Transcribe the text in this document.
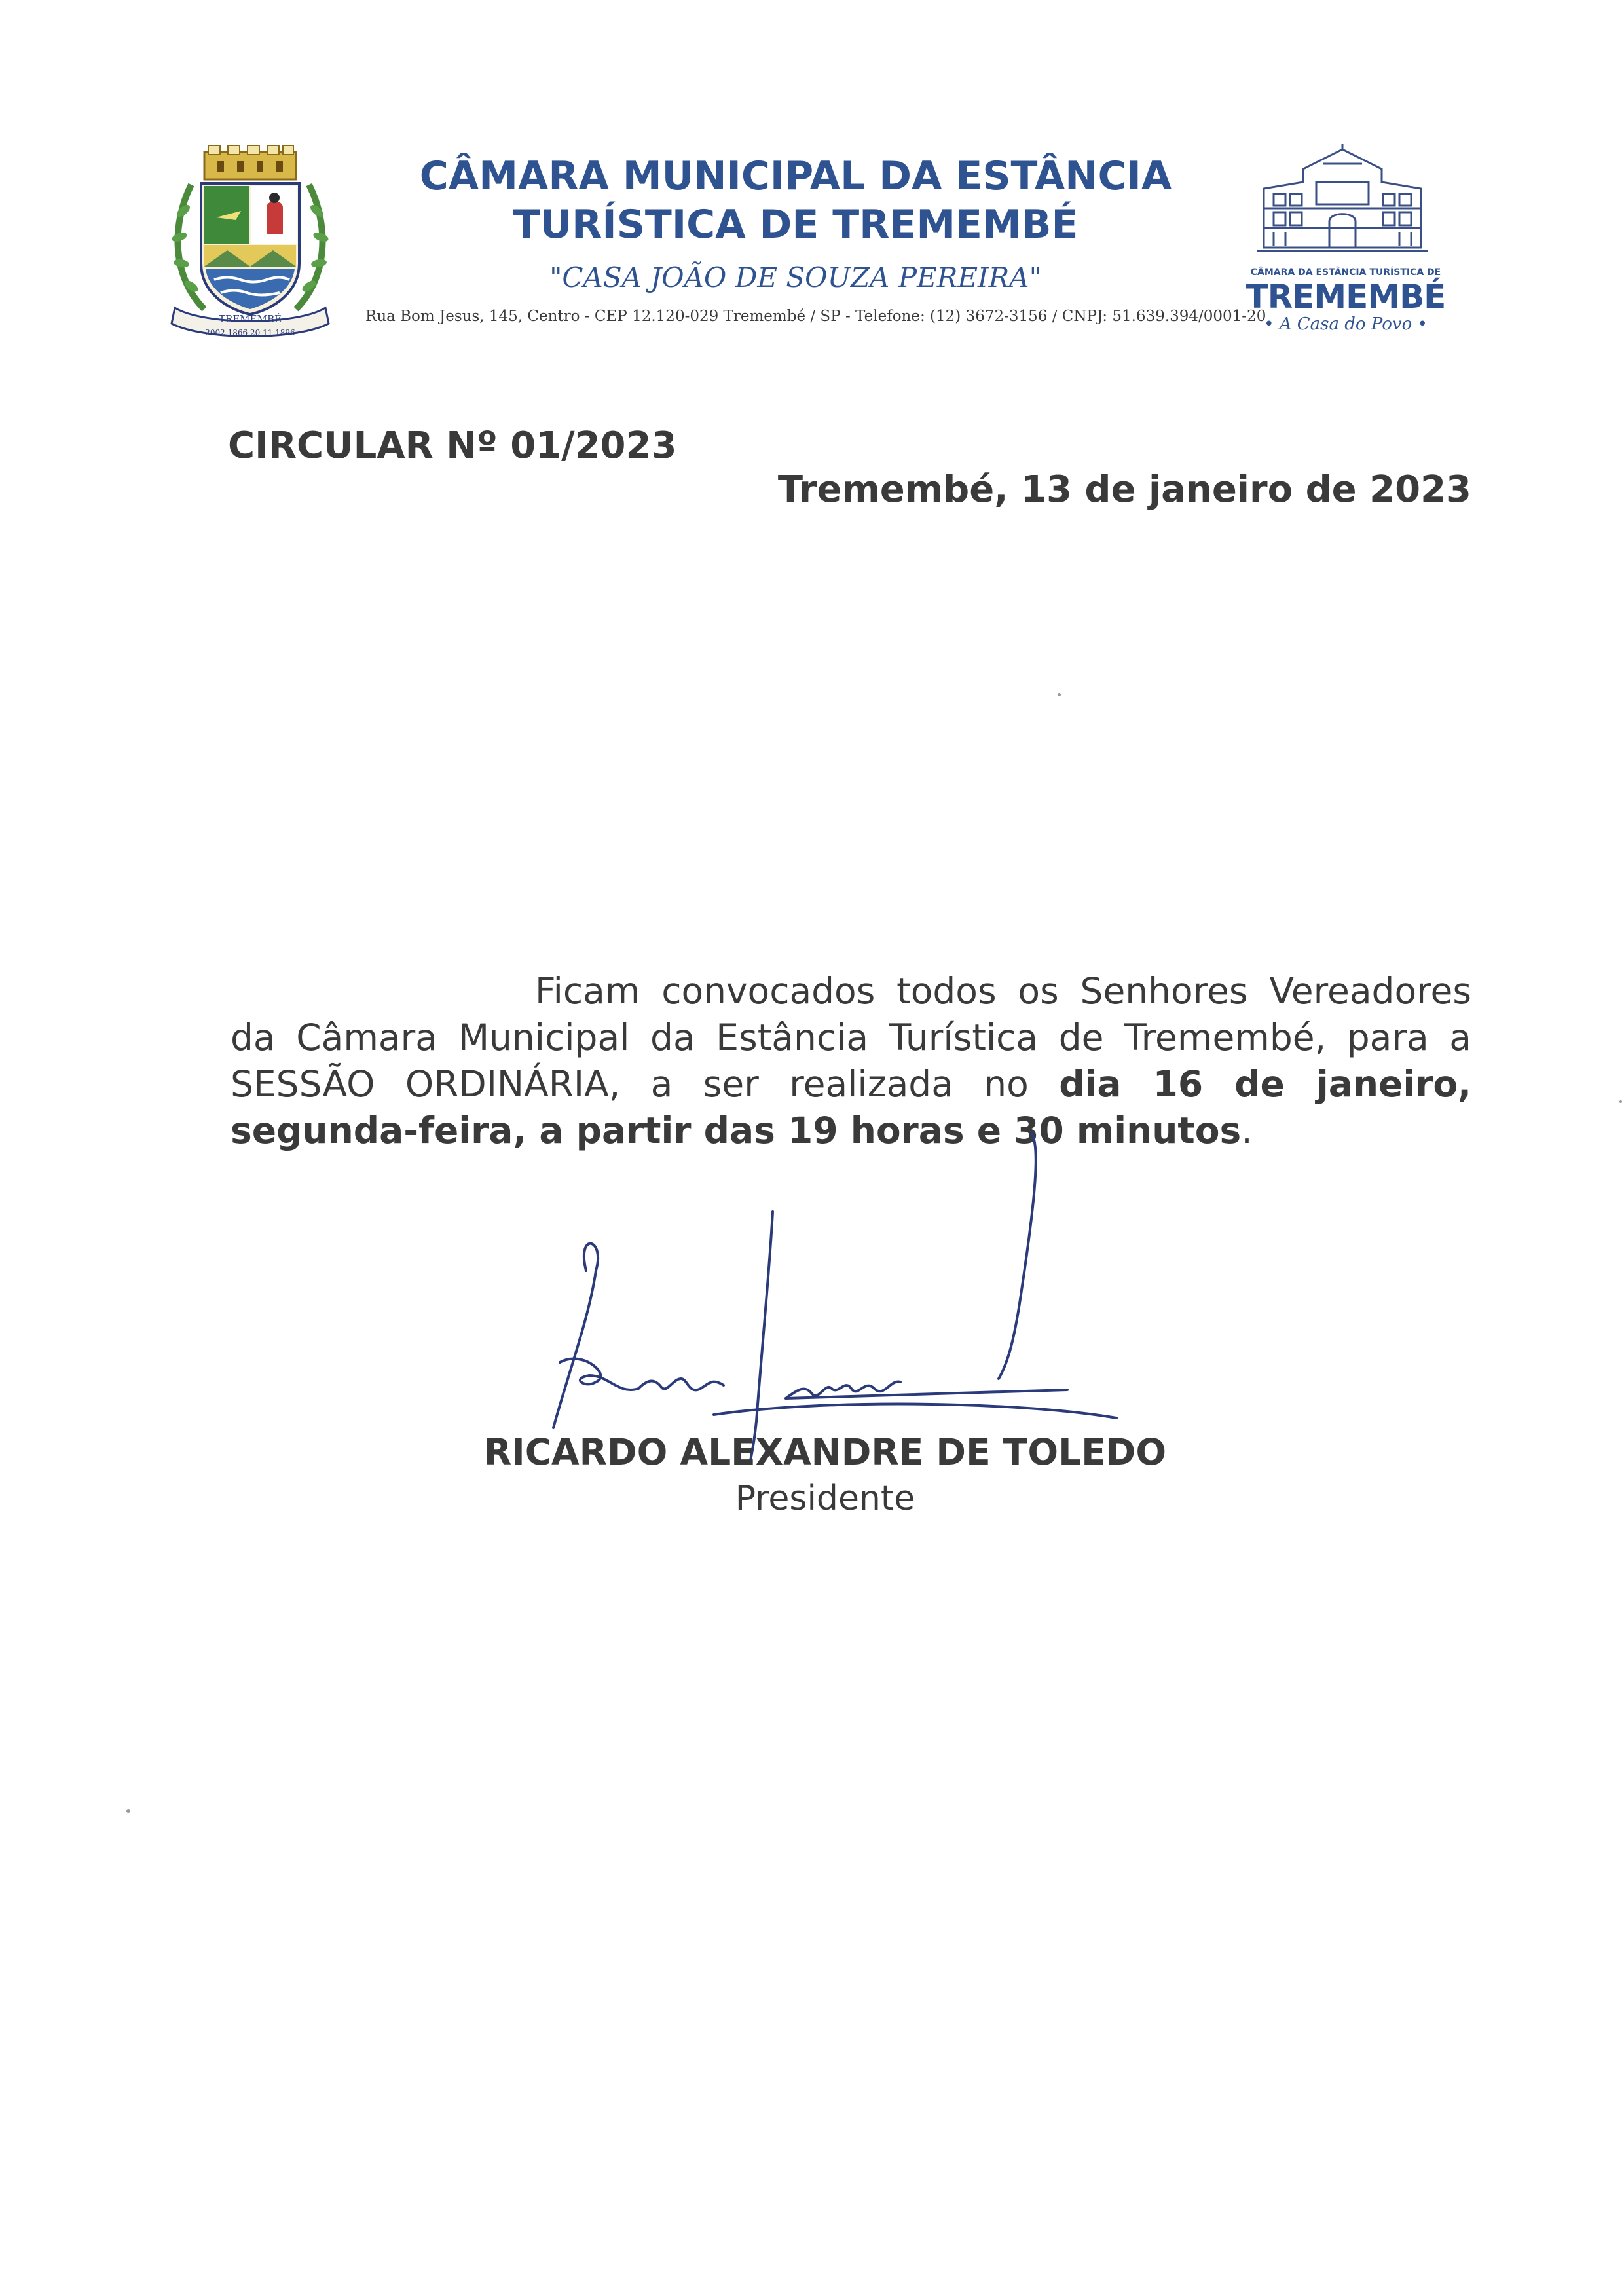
TREMEMBÉ
2002 1866 20 11 1896
CÂMARA MUNICIPAL DA ESTÂNCIA
TURÍSTICA DE TREMEMBÉ
"CASA JOÃO DE SOUZA PEREIRA"
Rua Bom Jesus, 145, Centro - CEP 12.120-029 Tremembé / SP - Telefone: (12) 3672-3156 / CNPJ: 51.639.394/0001-20
CÂMARA DA ESTÂNCIA TURÍSTICA DE
TREMEMBÉ
• A Casa do Povo •
CIRCULAR Nº 01/2023
Tremembé, 13 de janeiro de 2023
Ficam convocados todos os Senhores Vereadores da Câmara Municipal da Estância Turística de Tremembé, para a SESSÃO ORDINÁRIA, a ser realizada no dia 16 de janeiro, segunda-feira, a partir das 19 horas e 30 minutos.
RICARDO ALEXANDRE DE TOLEDO
Presidente
